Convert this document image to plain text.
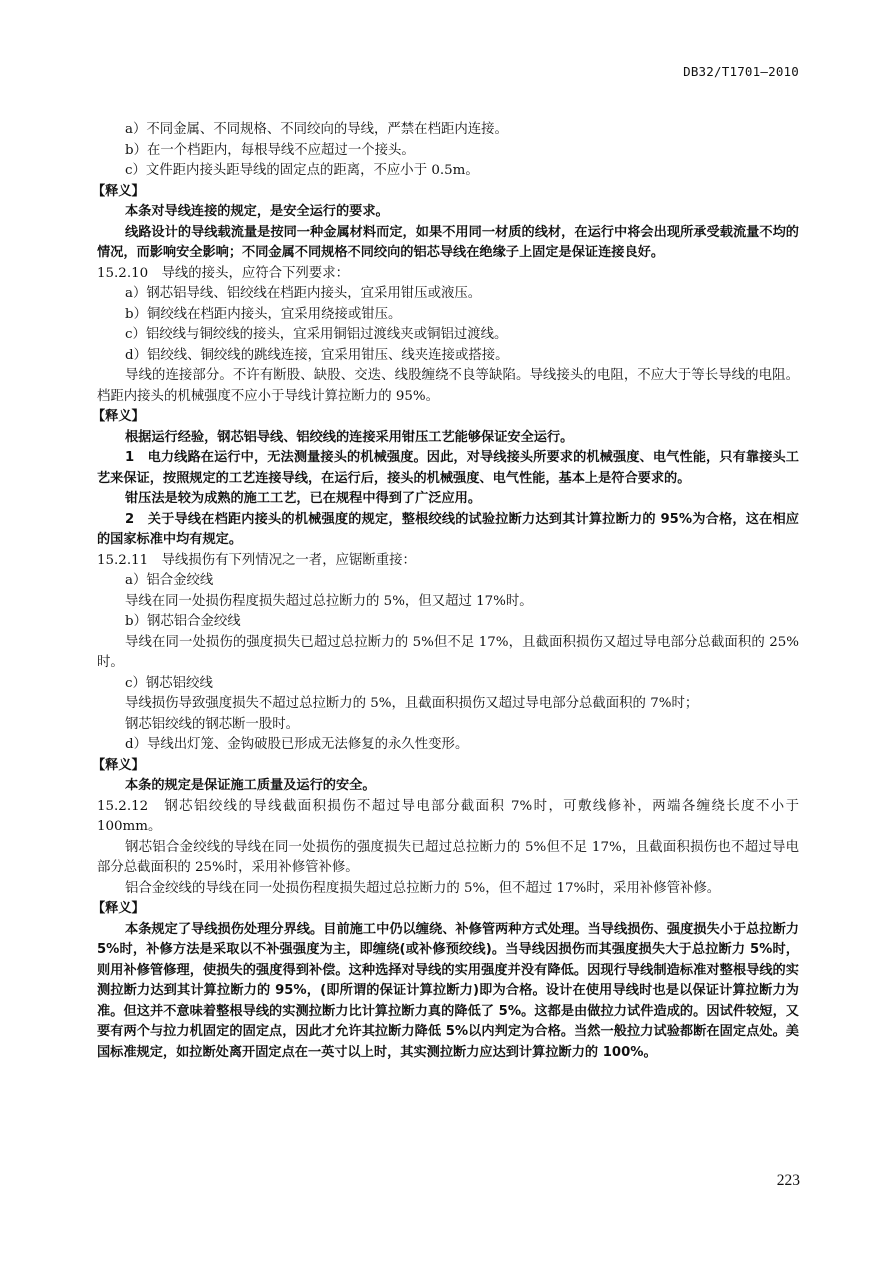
DB32/T1701—2010

a）不同金属、不同规格、不同绞向的导线，严禁在档距内连接。

b）在一个档距内，每根导线不应超过一个接头。

c）文件距内接头距导线的固定点的距离，不应小于 0.5m。

【释义】

本条对导线连接的规定，是安全运行的要求。

线路设计的导线载流量是按同一种金属材料而定，如果不用同一材质的线材，在运行中将会出现所承受载流量不均的情况，而影响安全影响；不同金属不同规格不同绞向的铝芯导线在绝缘子上固定是保证连接良好。

15.2.10　导线的接头，应符合下列要求：

a）钢芯铝导线、铝绞线在档距内接头，宜采用钳压或液压。

b）铜绞线在档距内接头，宜采用绕接或钳压。

c）铝绞线与铜绞线的接头，宜采用铜铝过渡线夹或铜铝过渡线。

d）铝绞线、铜绞线的跳线连接，宜采用钳压、线夹连接或搭接。

导线的连接部分。不许有断股、缺股、交迭、线股缠绕不良等缺陷。导线接头的电阻，不应大于等长导线的电阻。档距内接头的机械强度不应小于导线计算拉断力的 95%。

【释义】

根据运行经验，钢芯铝导线、铝绞线的连接采用钳压工艺能够保证安全运行。

1　电力线路在运行中，无法测量接头的机械强度。因此，对导线接头所要求的机械强度、电气性能，只有靠接头工艺来保证，按照规定的工艺连接导线，在运行后，接头的机械强度、电气性能，基本上是符合要求的。

钳压法是较为成熟的施工工艺，已在规程中得到了广泛应用。

2　关于导线在档距内接头的机械强度的规定，整根绞线的试验拉断力达到其计算拉断力的 95%为合格，这在相应的国家标准中均有规定。

15.2.11　导线损伤有下列情况之一者，应锯断重接：

a）铝合金绞线

导线在同一处损伤程度损失超过总拉断力的 5%，但又超过 17%时。

b）钢芯铝合金绞线

导线在同一处损伤的强度损失已超过总拉断力的 5%但不足 17%，且截面积损伤又超过导电部分总截面积的 25%时。

c）钢芯铝绞线

导线损伤导致强度损失不超过总拉断力的 5%，且截面积损伤又超过导电部分总截面积的 7%时；

钢芯铝绞线的钢芯断一股时。

d）导线出灯笼、金钩破股已形成无法修复的永久性变形。

【释义】

本条的规定是保证施工质量及运行的安全。

15.2.12　钢芯铝绞线的导线截面积损伤不超过导电部分截面积 7%时，可敷线修补，两端各缠绕长度不小于 100mm。

钢芯铝合金绞线的导线在同一处损伤的强度损失已超过总拉断力的 5%但不足 17%，且截面积损伤也不超过导电部分总截面积的 25%时，采用补修管补修。

铝合金绞线的导线在同一处损伤程度损失超过总拉断力的 5%，但不超过 17%时，采用补修管补修。

【释义】

本条规定了导线损伤处理分界线。目前施工中仍以缠绕、补修管两种方式处理。当导线损伤、强度损失小于总拉断力 5%时，补修方法是采取以不补强强度为主，即缠绕(或补修预绞线)。当导线因损伤而其强度损失大于总拉断力 5%时，则用补修管修理，使损失的强度得到补偿。这种选择对导线的实用强度并没有降低。因现行导线制造标准对整根导线的实测拉断力达到其计算拉断力的 95%，(即所谓的保证计算拉断力)即为合格。设计在使用导线时也是以保证计算拉断力为准。但这并不意味着整根导线的实测拉断力比计算拉断力真的降低了 5%。这都是由做拉力试件造成的。因试件较短，又要有两个与拉力机固定的固定点，因此才允许其拉断力降低 5%以内判定为合格。当然一般拉力试验都断在固定点处。美国标准规定，如拉断处离开固定点在一英寸以上时，其实测拉断力应达到计算拉断力的 100%。

223
